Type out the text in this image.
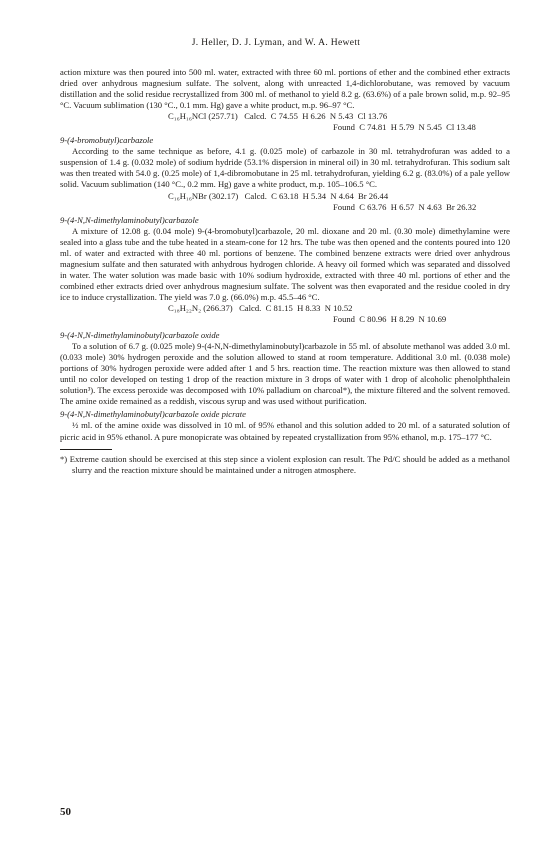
J. Heller, D. J. Lyman, and W. A. Hewett

action mixture was then poured into 500 ml. water, extracted with three 60 ml. portions of ether and the combined ether extracts dried over anhydrous magnesium sulfate. The solvent, along with unreacted 1,4-dichlorobutane, was removed by vacuum distillation and the solid residue recrystallized from 300 ml. of methanol to yield 8.2 g. (63.6%) of a pale brown solid, m.p. 92–95 °C. Vacuum sublimation (130 °C., 0.1 mm. Hg) gave a white product, m.p. 96–97 °C.

C₁₆H₁₆NCl (257.71)   Calcd.  C 74.55  H 6.26  N 5.43  Cl 13.76

Found  C 74.81  H 5.79  N 5.45  Cl 13.48

9-(4-bromobutyl)carbazole

According to the same technique as before, 4.1 g. (0.025 mole) of carbazole in 30 ml. tetrahydrofuran was added to a suspension of 1.4 g. (0.032 mole) of sodium hydride (53.1% dispersion in mineral oil) in 30 ml. tetrahydrofuran. This sodium salt was then treated with 54.0 g. (0.25 mole) of 1,4-dibromobutane in 25 ml. tetrahydrofuran, yielding 6.2 g. (83.0%) of a pale yellow solid. Vacuum sublimation (140 °C., 0.2 mm. Hg) gave a white product, m.p. 105–106.5 °C.

C₁₆H₁₆NBr (302.17)   Calcd.  C 63.18  H 5.34  N 4.64  Br 26.44

Found  C 63.76  H 6.57  N 4.63  Br 26.32

9-(4-N,N-dimethylaminobutyl)carbazole

A mixture of 12.08 g. (0.04 mole) 9-(4-bromobutyl)carbazole, 20 ml. dioxane and 20 ml. (0.30 mole) dimethylamine were sealed into a glass tube and the tube heated in a steam-cone for 12 hrs. The tube was then opened and the contents poured into 120 ml. of water and extracted with three 40 ml. portions of benzene. The combined benzene extracts were dried over anhydrous magnesium sulfate and then saturated with anhydrous hydrogen chloride. A heavy oil formed which was separated and dissolved in water. The water solution was made basic with 10% sodium hydroxide, extracted with three 40 ml. portions of ether and the combined ether extracts dried over anhydrous magnesium sulfate. The solvent was then evaporated and the residue cooled in dry ice to induce crystallization. The yield was 7.0 g. (66.0%) m.p. 45.5–46 °C.

C₁₈H₂₂N₂ (266.37)   Calcd.  C 81.15  H 8.33  N 10.52

Found  C 80.96  H 8.29  N 10.69

9-(4-N,N-dimethylaminobutyl)carbazole oxide

To a solution of 6.7 g. (0.025 mole) 9-(4-N,N-dimethylaminobutyl)carbazole in 55 ml. of absolute methanol was added 3.0 ml. (0.033 mole) 30% hydrogen peroxide and the solution allowed to stand at room temperature. Additional 3.0 ml. (0.038 mole) portions of 30% hydrogen peroxide were added after 1 and 5 hrs. reaction time. The reaction mixture was then allowed to stand until no color developed on testing 1 drop of the reaction mixture in 3 drops of water with 1 drop of alcoholic phenolphthalein solution³). The excess peroxide was decomposed with 10% palladium on charcoal*), the mixture filtered and the solvent removed. The amine oxide remained as a reddish, viscous syrup and was used without purification.

9-(4-N,N-dimethylaminobutyl)carbazole oxide picrate

½ ml. of the amine oxide was dissolved in 10 ml. of 95% ethanol and this solution added to 20 ml. of a saturated solution of picric acid in 95% ethanol. A pure monopicrate was obtained by repeated crystallization from 95% ethanol, m.p. 175–177 °C.

*) Extreme caution should be exercised at this step since a violent explosion can result. The Pd/C should be added as a methanol slurry and the reaction mixture should be maintained under a nitrogen atmosphere.

50
